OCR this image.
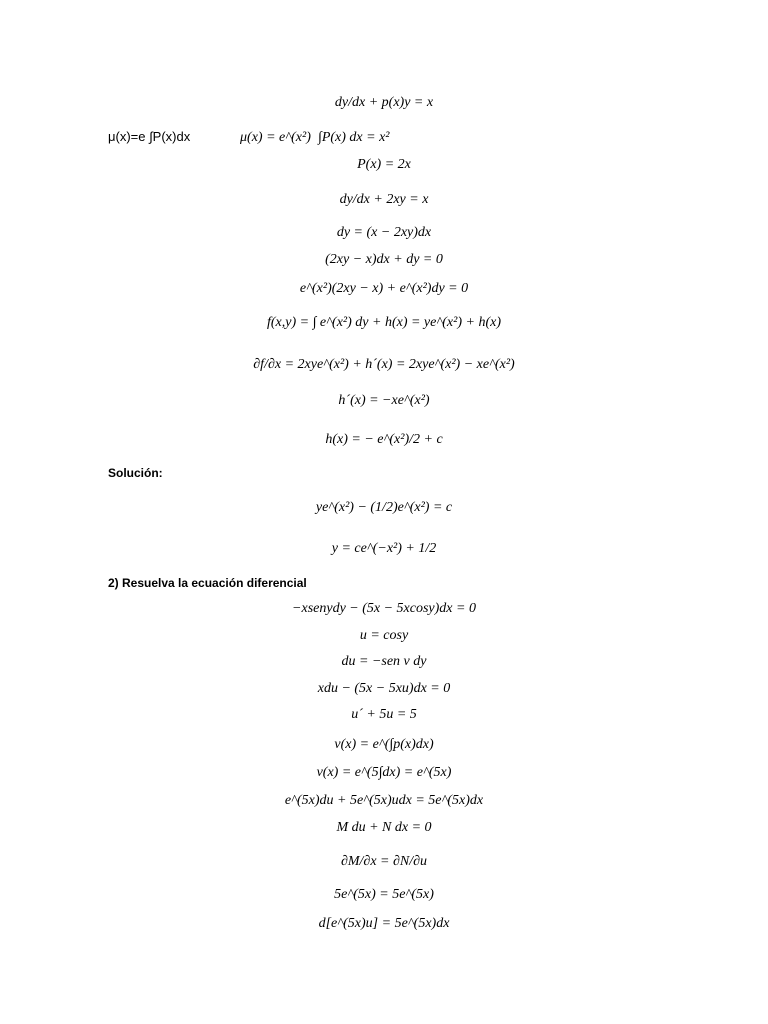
dy/dx + p(x)y = x
μ(x)=e ∫P(x)dx	μ(x) = e^(x²) ∫P(x) dx = x²
P(x) = 2x
dy/dx + 2xy = x
dy = (x − 2xy)dx
(2xy − x)dx + dy = 0
e^(x²)(2xy − x) + e^(x²)dy = 0
f(x,y) = ∫ e^(x²) dy + h(x) = ye^(x²) + h(x)
∂f/∂x = 2xye^(x²) + h´(x) = 2xye^(x²) − xe^(x²)
h´(x) = −xe^(x²)
h(x) = − e^(x²)/2 + c
Solución:
ye^(x²) − (1/2)e^(x²) = c
y = ce^(−x²) + 1/2
2) Resuelva la ecuación diferencial
−xsenydy − (5x − 5xcosy)dx = 0
u = cosy
du = −sen v dy
xdu − (5x − 5xu)dx = 0
u´ + 5u = 5
v(x) = e^(∫p(x)dx)
v(x) = e^(5∫dx) = e^(5x)
e^(5x)du + 5e^(5x)udx = 5e^(5x)dx
M du + N dx = 0
∂M/∂x = ∂N/∂u
5e^(5x) = 5e^(5x)
d[e^(5x)u] = 5e^(5x)dx
